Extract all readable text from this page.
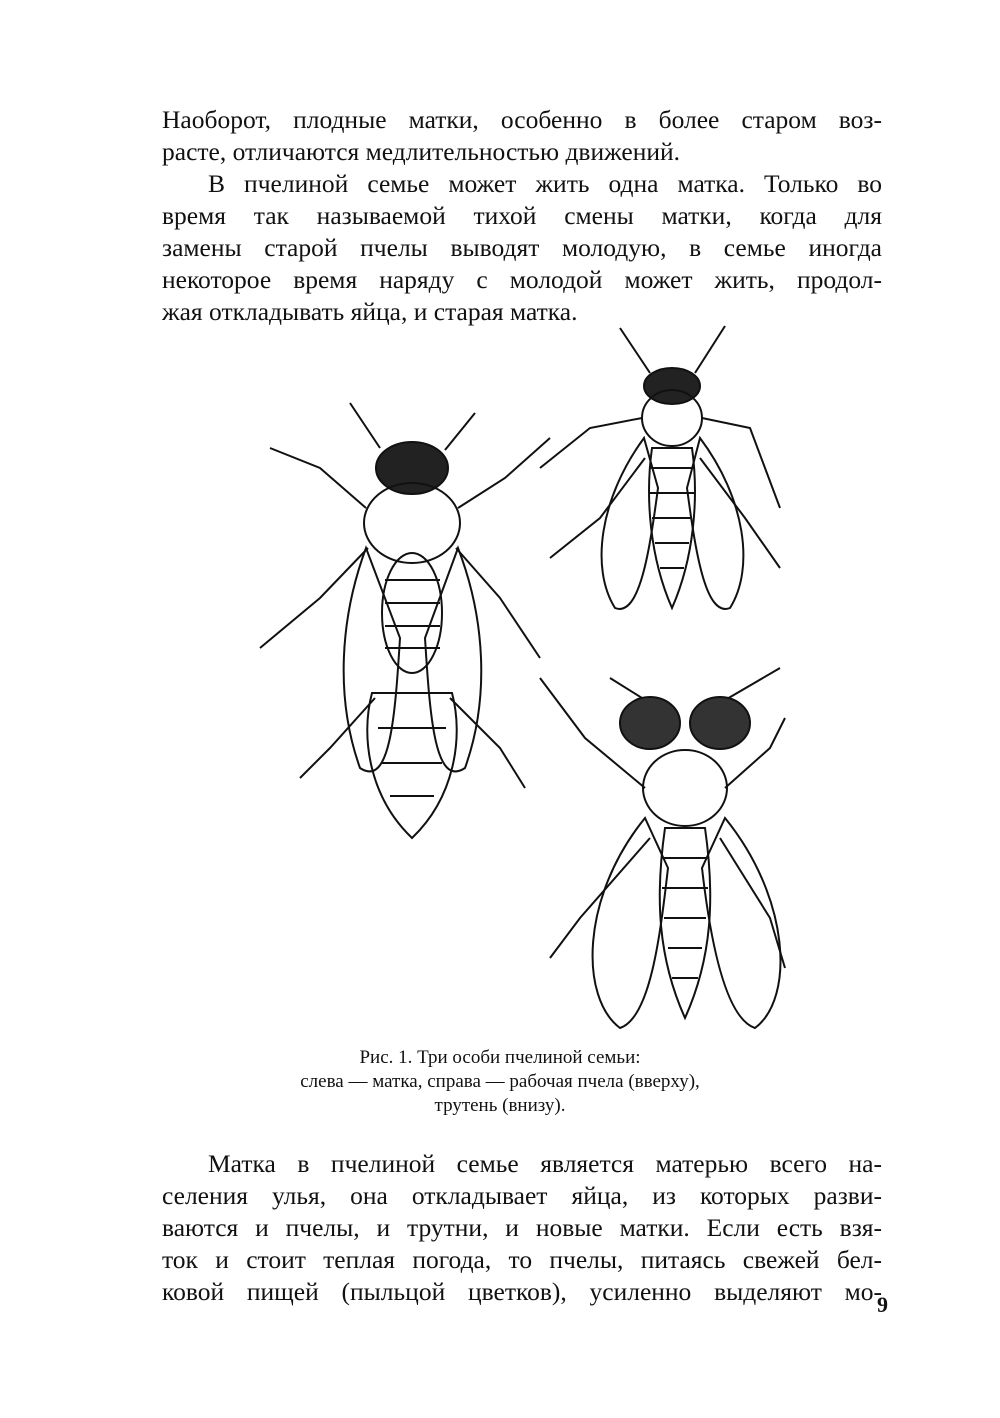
Наоборот, плодные матки, особенно в более старом воз-
расте, отличаются медлительностью движений.

В пчелиной семье может жить одна матка. Только во
время так называемой тихой смены матки, когда для
замены старой пчелы выводят молодую, в семье иногда
некоторое время наряду с молодой может жить, продол-
жая откладывать яйца, и старая матка.

Рис. 1. Три особи пчелиной семьи:
слева — матка, справа — рабочая пчела (вверху),
трутень (внизу).

Матка в пчелиной семье является матерью всего на-
селения улья, она откладывает яйца, из которых разви-
ваются и пчелы, и трутни, и новые матки. Если есть взя-
ток и стоит теплая погода, то пчелы, питаясь свежей бел-
ковой пищей (пыльцой цветков), усиленно выделяют мо-

9
